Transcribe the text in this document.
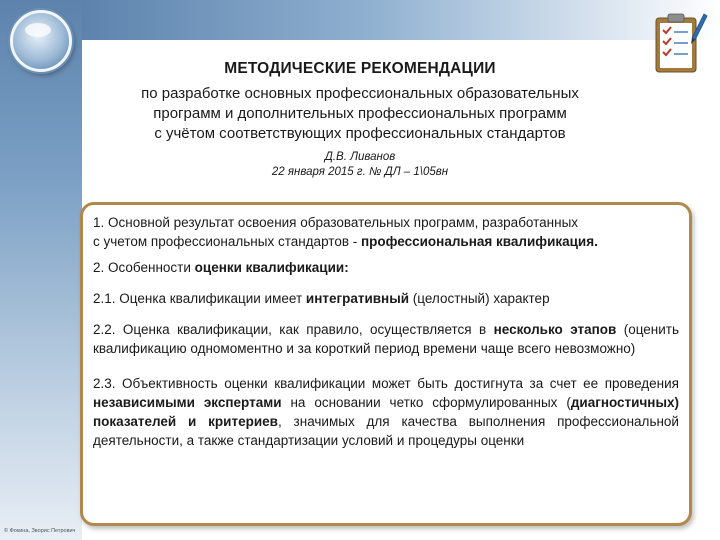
МЕТОДИЧЕСКИЕ РЕКОМЕНДАЦИИ
по разработке основных профессиональных образовательных
программ и дополнительных профессиональных программ
с учётом соответствующих профессиональных стандартов
Д.В. Ливанов
22 января 2015 г. № ДЛ – 1\05вн

1. Основной результат освоения образовательных программ, разработанных
с учетом профессиональных стандартов - профессиональная квалификация.

2. Особенности оценки квалификации:

2.1. Оценка квалификации имеет интегративный (целостный) характер

2.2. Оценка квалификации, как правило, осуществляется в несколько этапов (оценить квалификацию одномоментно и за короткий период времени чаще всего невозможно)

2.3. Объективность оценки квалификации может быть достигнута за счет ее проведения независимыми экспертами на основании четко сформулированных (диагностичных) показателей и критериев, значимых для качества выполнения профессиональной деятельности, а также стандартизации условий и процедуры оценки

© Фокина, Зворис Петрович
